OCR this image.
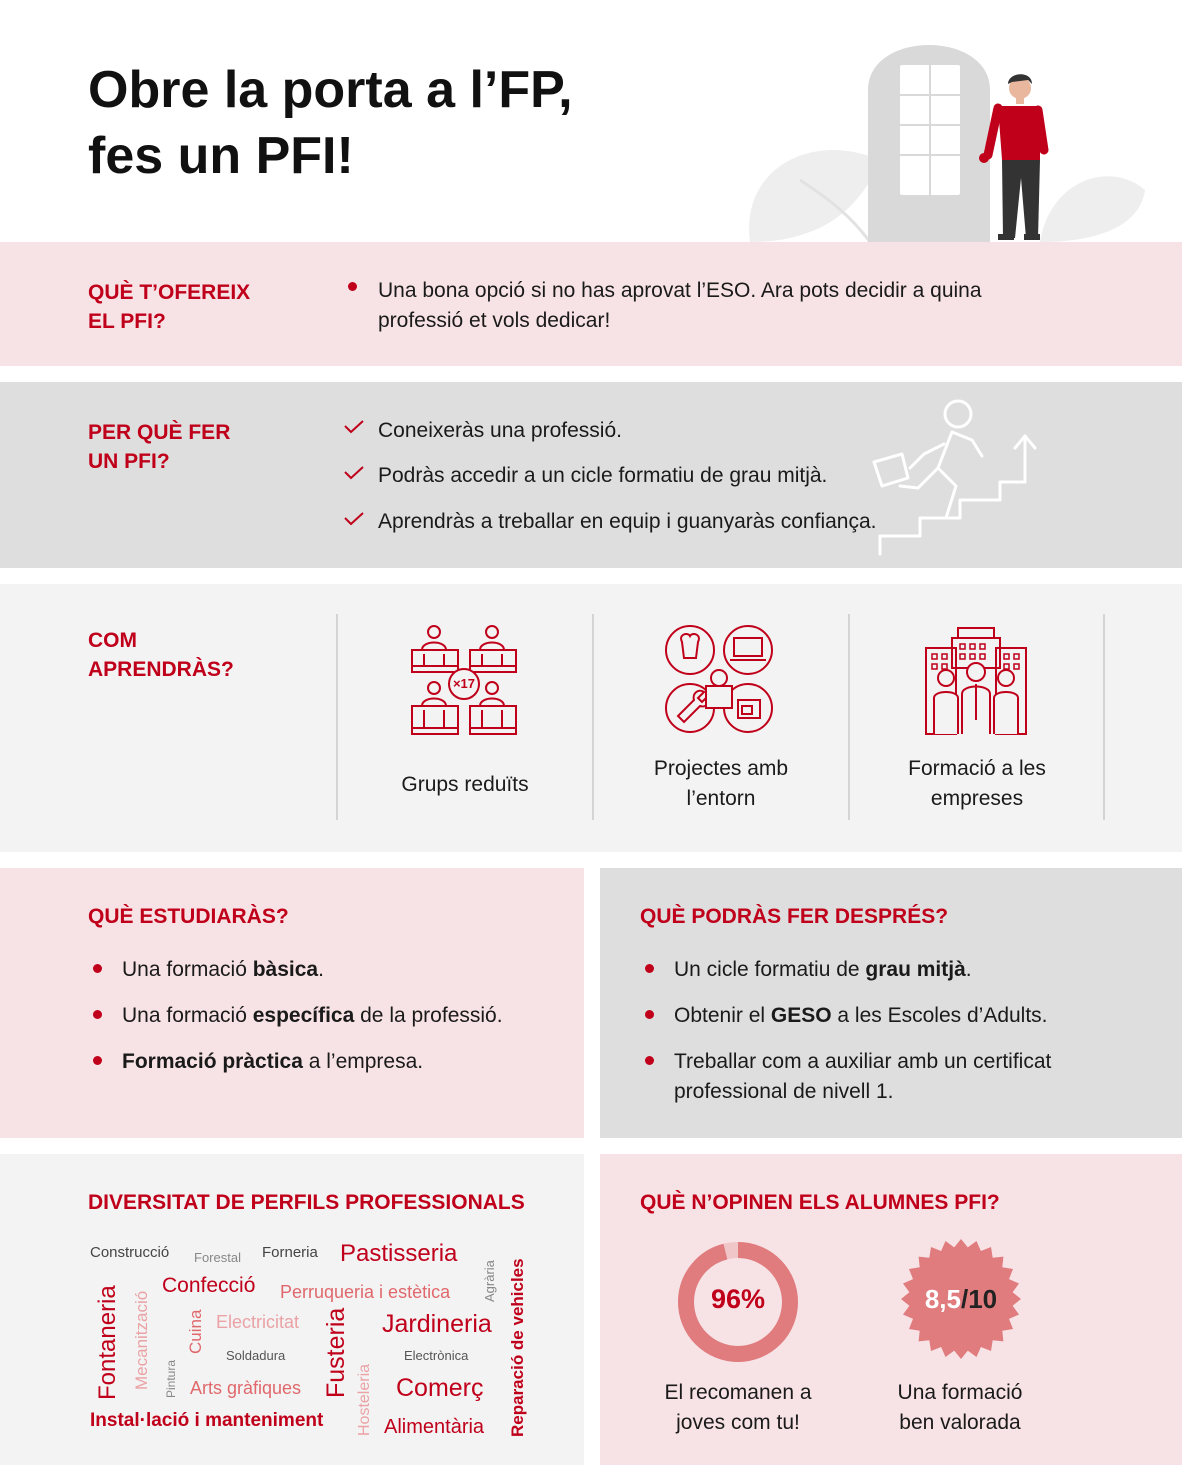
Obre la porta a l’FP,
fes un PFI!
QUÈ T’OFEREIX
EL PFI?
Una bona opció si no has aprovat l’ESO. Ara pots decidir a quina
professió et vols dedicar!
PER QUÈ FER
UN PFI?
Coneixeràs una professió.
Podràs accedir a un cicle formatiu de grau mitjà.
Aprendràs a treballar en equip i guanyaràs confiança.
COM
APRENDRÀS?
×17
Grups reduïts
Projectes amb
l’entorn
Formació a les
empreses
QUÈ ESTUDIARÀS?
Una formació bàsica.
Una formació específica de la professió.
Formació pràctica a l’empresa.
QUÈ PODRÀS FER DESPRÉS?
Un cicle formatiu de grau mitjà.
Obtenir el GESO a les Escoles d’Adults.
Treballar com a auxiliar amb un certificat
professional de nivell 1.
DIVERSITAT DE PERFILS PROFESSIONALS
Construcció Forestal Forneria Pastisseria
Agrària Reparació de vehicles
Fontaneria Mecanització
Confecció Perruqueria i estètica
Cuina Electricitat	Jardineria
Fusteria
Soldadura	Electrònica
Pintura Arts gràfiques	Hosteleria Comerç
Instal·lació i manteniment	Alimentària
QUÈ N’OPINEN ELS ALUMNES PFI?
96%
El recomanen a
joves com tu!
8,5/10
Una formació
ben valorada
